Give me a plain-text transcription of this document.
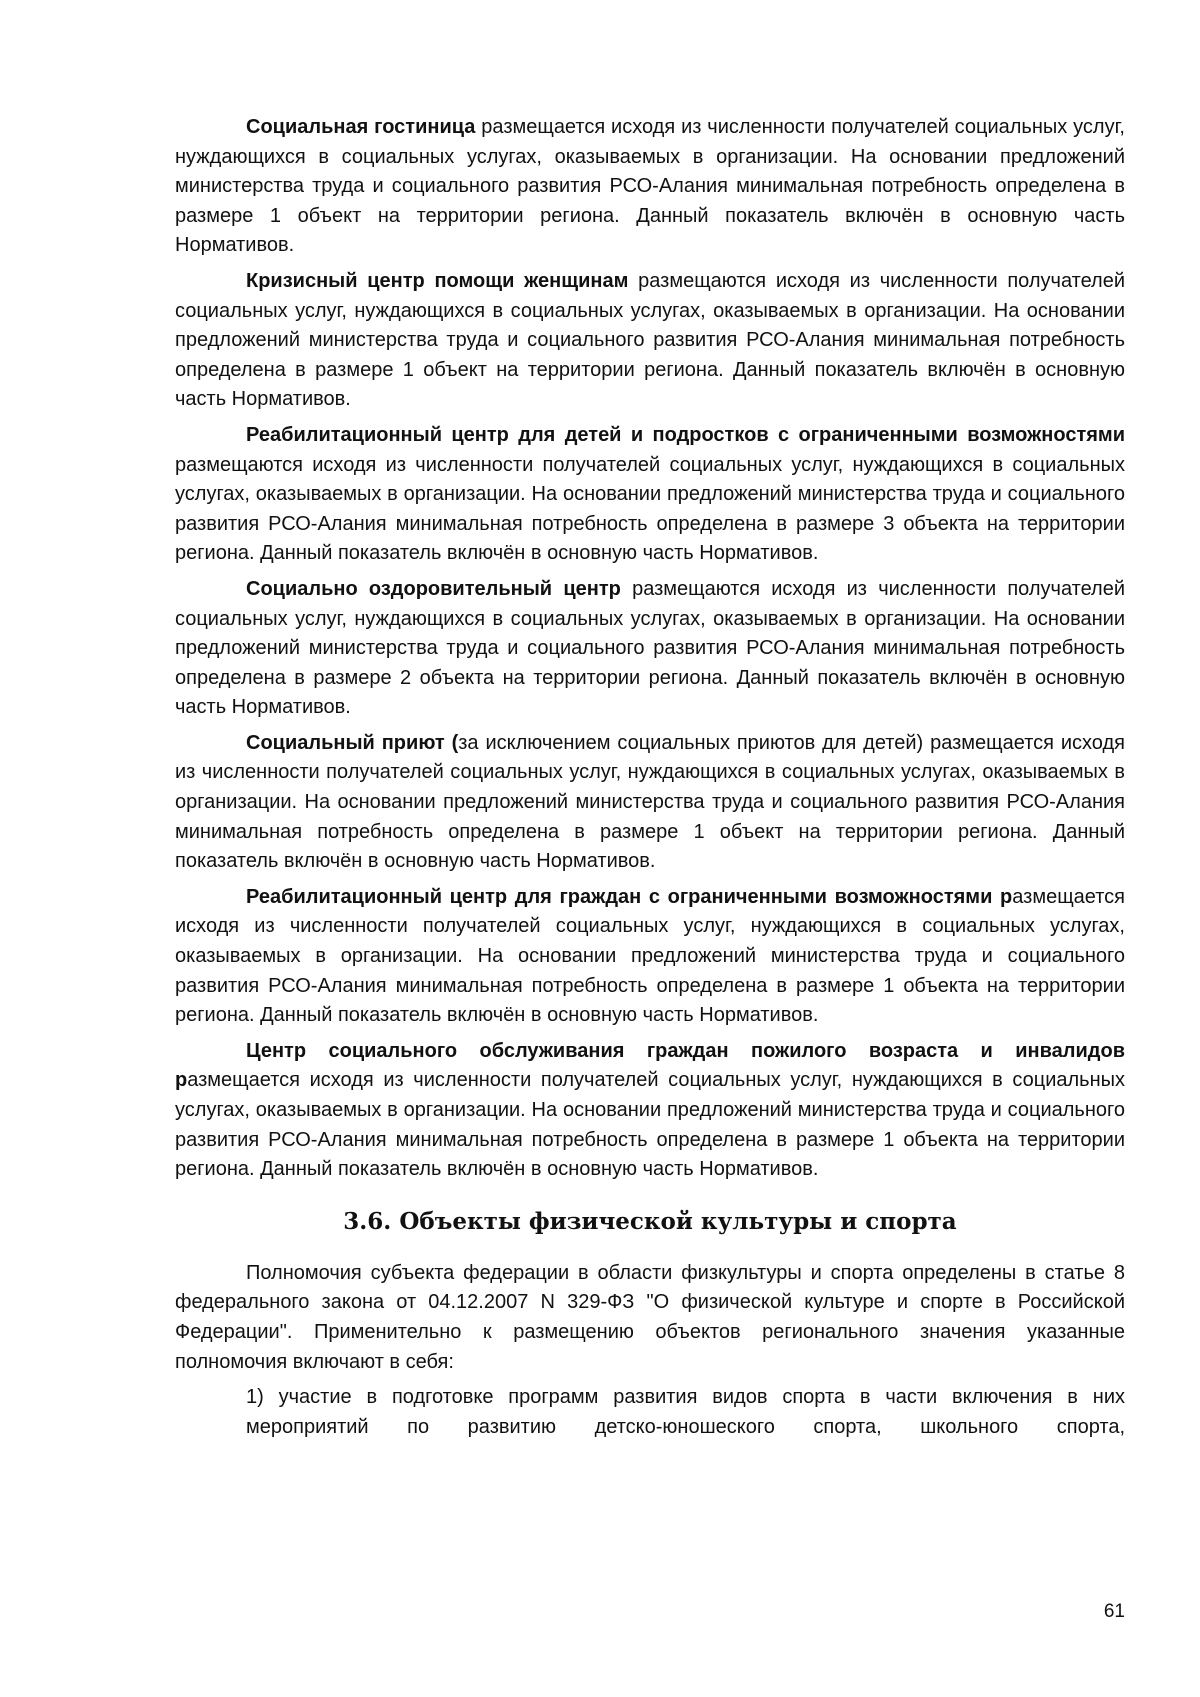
Социальная гостиница размещается исходя из численности получателей социальных услуг, нуждающихся в социальных услугах, оказываемых в организации. На основании предложений министерства труда и социального развития РСО-Алания минимальная потребность определена в размере 1 объект на территории региона. Данный показатель включён в основную часть Нормативов.

Кризисный центр помощи женщинам размещаются исходя из численности получателей социальных услуг, нуждающихся в социальных услугах, оказываемых в организации. На основании предложений министерства труда и социального развития РСО-Алания минимальная потребность определена в размере 1 объект на территории региона. Данный показатель включён в основную часть Нормативов.

Реабилитационный центр для детей и подростков с ограниченными возможностями размещаются исходя из численности получателей социальных услуг, нуждающихся в социальных услугах, оказываемых в организации. На основании предложений министерства труда и социального развития РСО-Алания минимальная потребность определена в размере 3 объекта на территории региона. Данный показатель включён в основную часть Нормативов.

Социально оздоровительный центр размещаются исходя из численности получателей социальных услуг, нуждающихся в социальных услугах, оказываемых в организации. На основании предложений министерства труда и социального развития РСО-Алания минимальная потребность определена в размере 2 объекта на территории региона. Данный показатель включён в основную часть Нормативов.

Социальный приют (за исключением социальных приютов для детей) размещается исходя из численности получателей социальных услуг, нуждающихся в социальных услугах, оказываемых в организации. На основании предложений министерства труда и социального развития РСО-Алания минимальная потребность определена в размере 1 объект на территории региона. Данный показатель включён в основную часть Нормативов.

Реабилитационный центр для граждан с ограниченными возможностями размещается исходя из численности получателей социальных услуг, нуждающихся в социальных услугах, оказываемых в организации. На основании предложений министерства труда и социального развития РСО-Алания минимальная потребность определена в размере 1 объекта на территории региона. Данный показатель включён в основную часть Нормативов.

Центр социального обслуживания граждан пожилого возраста и инвалидов размещается исходя из численности получателей социальных услуг, нуждающихся в социальных услугах, оказываемых в организации. На основании предложений министерства труда и социального развития РСО-Алания минимальная потребность определена в размере 1 объекта на территории региона. Данный показатель включён в основную часть Нормативов.

3.6. Объекты физической культуры и спорта

Полномочия субъекта федерации в области физкультуры и спорта определены в статье 8 федерального закона от 04.12.2007 N 329-ФЗ "О физической культуре и спорте в Российской Федерации". Применительно к размещению объектов регионального значения указанные полномочия включают в себя:

1) участие в подготовке программ развития видов спорта в части включения в них мероприятий по развитию детско-юношеского спорта, школьного спорта,

61
